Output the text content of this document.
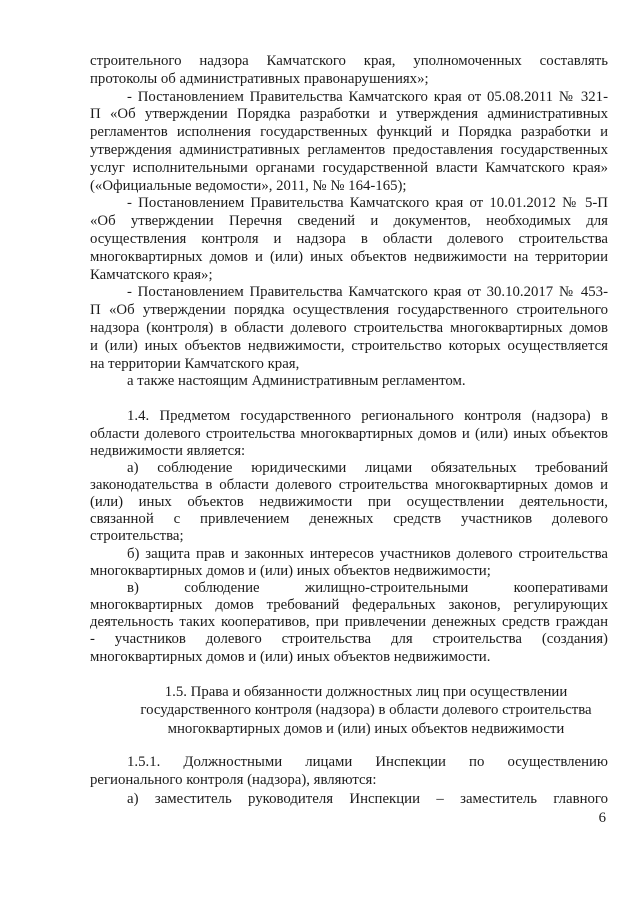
строительного надзора Камчатского края, уполномоченных составлять
протоколы об административных правонарушениях»;
- Постановлением Правительства Камчатского края от 05.08.2011 № 321-
П «Об утверждении Порядка разработки и утверждения административных
регламентов исполнения государственных функций и Порядка разработки и
утверждения административных регламентов предоставления государственных
услуг исполнительными органами государственной власти Камчатского края»
(«Официальные ведомости», 2011, № № 164-165);
- Постановлением Правительства Камчатского края от 10.01.2012 № 5-П
«Об утверждении Перечня сведений и документов, необходимых для
осуществления контроля и надзора в области долевого строительства
многоквартирных домов и (или) иных объектов недвижимости на территории
Камчатского края»;
- Постановлением Правительства Камчатского края от 30.10.2017 № 453-
П «Об утверждении порядка осуществления государственного строительного
надзора (контроля) в области долевого строительства многоквартирных домов
и (или) иных объектов недвижимости, строительство которых осуществляется
на территории Камчатского края,
а также настоящим Административным регламентом.
1.4. Предметом государственного регионального контроля (надзора) в
области долевого строительства многоквартирных домов и (или) иных объектов
недвижимости является:
а) соблюдение юридическими лицами обязательных требований
законодательства в области долевого строительства многоквартирных домов и
(или) иных объектов недвижимости при осуществлении деятельности,
связанной с привлечением денежных средств участников долевого
строительства;
б) защита прав и законных интересов участников долевого строительства
многоквартирных домов и (или) иных объектов недвижимости;
в) соблюдение жилищно-строительными кооперативами
многоквартирных домов требований федеральных законов, регулирующих
деятельность таких кооперативов, при привлечении денежных средств граждан
- участников долевого строительства для строительства (создания)
многоквартирных домов и (или) иных объектов недвижимости.
1.5. Права и обязанности должностных лиц при осуществлении
государственного контроля (надзора) в области долевого строительства
многоквартирных домов и (или) иных объектов недвижимости
1.5.1. Должностными лицами Инспекции по осуществлению
регионального контроля (надзора), являются:
а) заместитель руководителя Инспекции – заместитель главного
6
